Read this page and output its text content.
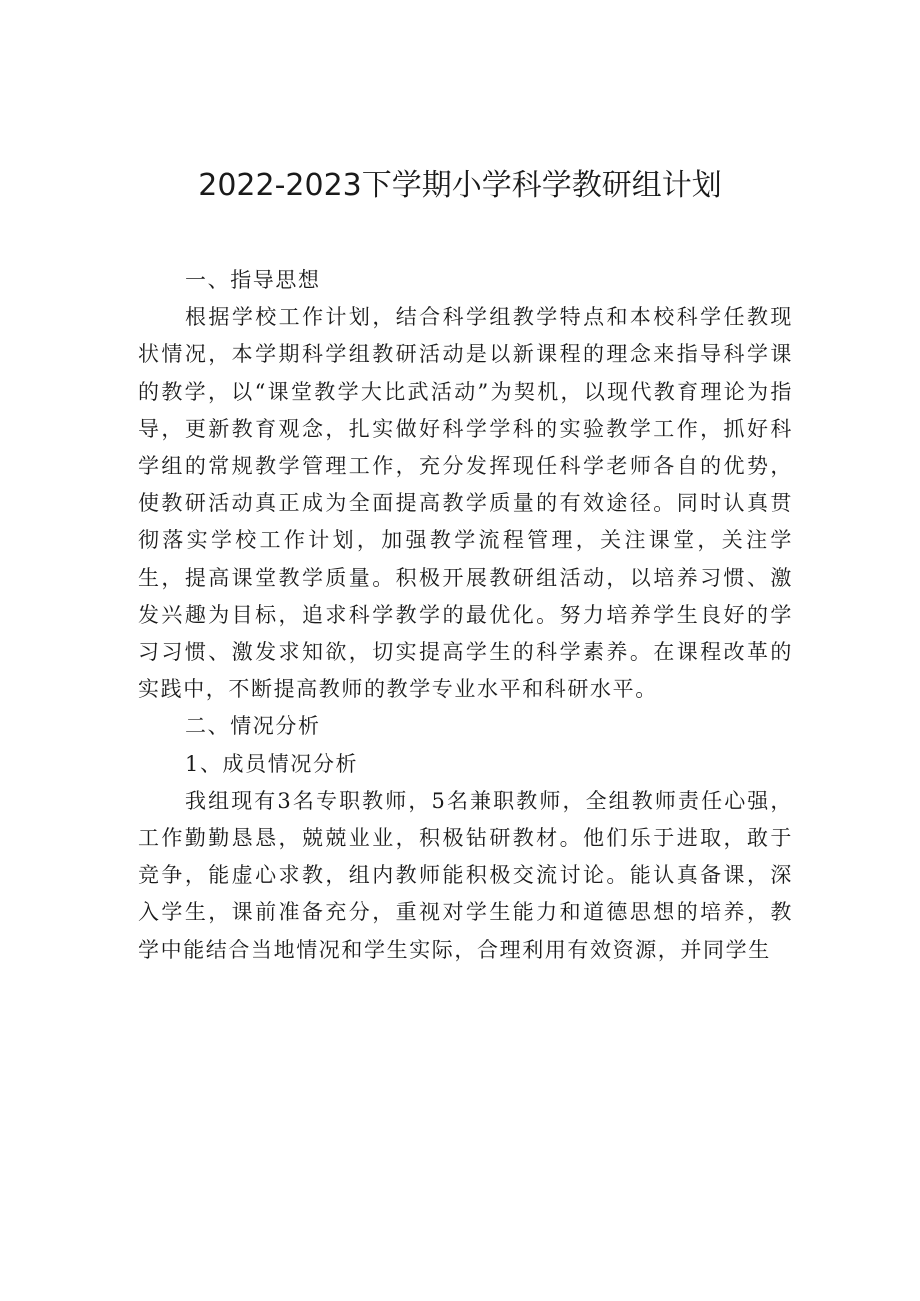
2022-2023下学期小学科学教研组计划

一、指导思想

根据学校工作计划，结合科学组教学特点和本校科学任教现状情况，本学期科学组教研活动是以新课程的理念来指导科学课的教学，以“课堂教学大比武活动”为契机，以现代教育理论为指导，更新教育观念，扎实做好科学学科的实验教学工作，抓好科学组的常规教学管理工作，充分发挥现任科学老师各自的优势，使教研活动真正成为全面提高教学质量的有效途径。同时认真贯彻落实学校工作计划，加强教学流程管理，关注课堂，关注学生，提高课堂教学质量。积极开展教研组活动，以培养习惯、激发兴趣为目标，追求科学教学的最优化。努力培养学生良好的学习习惯、激发求知欲，切实提高学生的科学素养。在课程改革的实践中，不断提高教师的教学专业水平和科研水平。

二、情况分析

1、成员情况分析

我组现有3名专职教师，5名兼职教师，全组教师责任心强，工作勤勤恳恳，兢兢业业，积极钻研教材。他们乐于进取，敢于竞争，能虚心求教，组内教师能积极交流讨论。能认真备课，深入学生，课前准备充分，重视对学生能力和道德思想的培养，教学中能结合当地情况和学生实际，合理利用有效资源，并同学生
